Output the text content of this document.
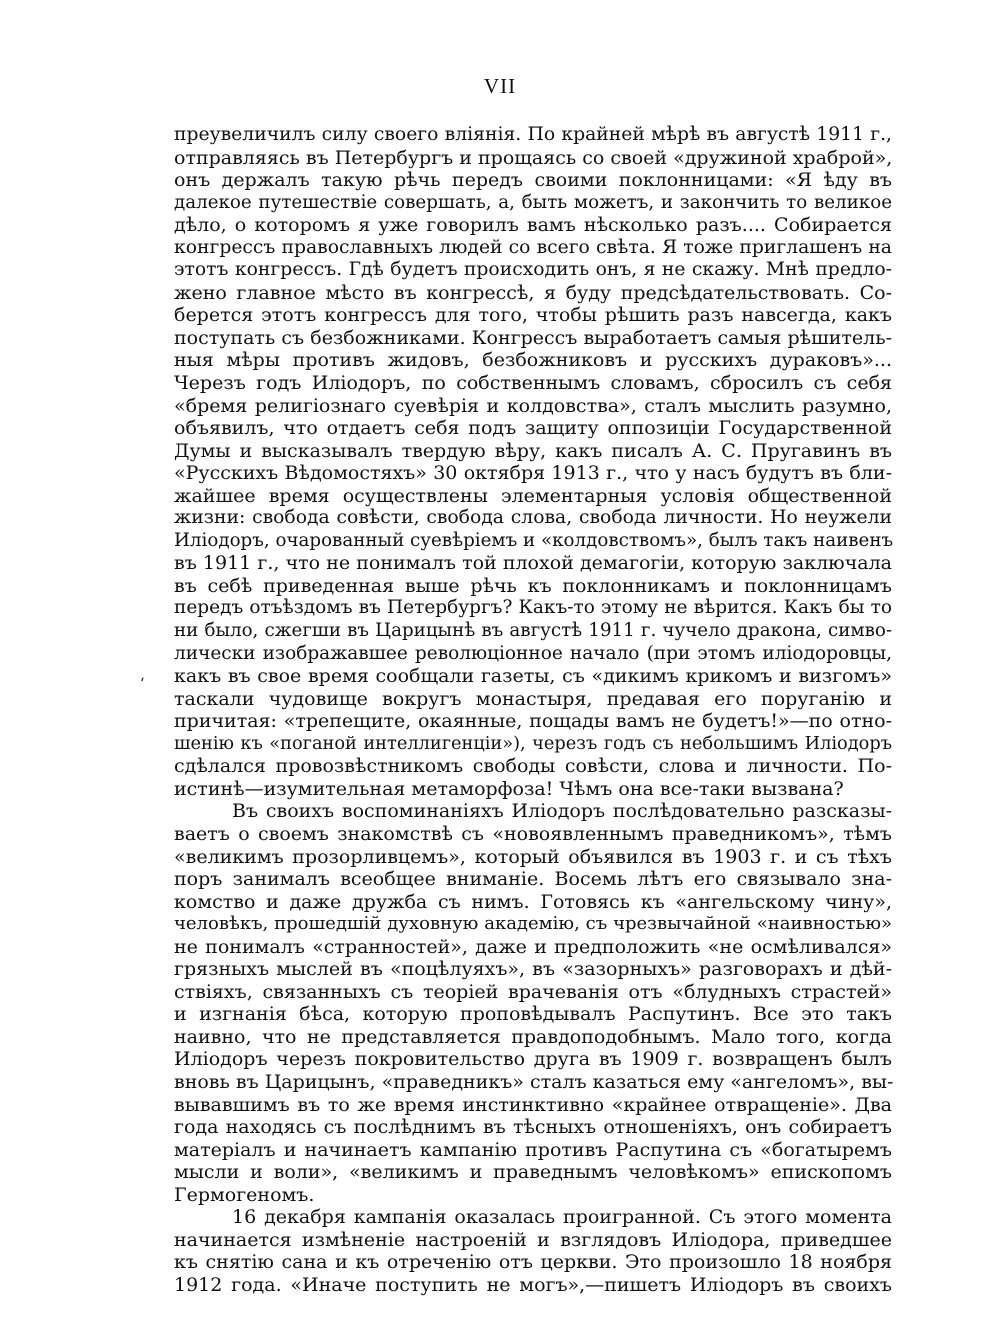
VII
‘
преувеличилъ силу своего вліянія. По крайней мѣрѣ въ августѣ 1911 г.,
отправляясь въ Петербургъ и прощаясь со своей «дружиной храброй»,
онъ держалъ такую рѣчь передъ своими поклонницами: «Я ѣду въ
далекое путешествіе совершать, а, быть можетъ, и закончить то великое
дѣло, о которомъ я уже говорилъ вамъ нѣсколько разъ.... Собирается
конгрессъ православныхъ людей со всего свѣта. Я тоже приглашенъ на
этотъ конгрессъ. Гдѣ будетъ происходить онъ, я не скажу. Мнѣ предло-
жено главное мѣсто въ конгрессѣ, я буду предсѣдательствовать. Со-
берется этотъ конгрессъ для того, чтобы рѣшить разъ навсегда, какъ
поступать съ безбожниками. Конгрессъ выработаетъ самыя рѣшитель-
ныя мѣры противъ жидовъ, безбожниковъ и русскихъ дураковъ»...
Черезъ годъ Иліодоръ, по собственнымъ словамъ, сбросилъ съ себя
«бремя религіознаго суевѣрія и колдовства», сталъ мыслить разумно,
объявилъ, что отдаетъ себя подъ защиту оппозиціи Государственной
Думы и высказывалъ твердую вѣру, какъ писалъ А. С. Пругавинъ въ
«Русскихъ Вѣдомостяхъ» 30 октября 1913 г., что у насъ будутъ въ бли-
жайшее время осуществлены элементарныя условія общественной
жизни: свобода совѣсти, свобода слова, свобода личности. Но неужели
Иліодоръ, очарованный суевѣріемъ и «колдовствомъ», былъ такъ наивенъ
въ 1911 г., что не понималъ той плохой демагогіи, которую заключала
въ себѣ приведенная выше рѣчь къ поклонникамъ и поклонницамъ
передъ отъѣздомъ въ Петербургъ? Какъ-то этому не вѣрится. Какъ бы то
ни было, сжегши въ Царицынѣ въ августѣ 1911 г. чучело дракона, симво-
лически изображавшее революціонное начало (при этомъ иліодоровцы,
какъ въ свое время сообщали газеты, съ «дикимъ крикомъ и визгомъ»
таскали чудовище вокругъ монастыря, предавая его поруганію и
причитая: «трепещите, окаянные, пощады вамъ не будетъ!»—по отно-
шенію къ «поганой интеллигенціи»), черезъ годъ съ небольшимъ Иліодоръ
сдѣлался провозвѣстникомъ свободы совѣсти, слова и личности. По-
истинѣ—изумительная метаморфоза! Чѣмъ она все-таки вызвана?
Въ своихъ воспоминаніяхъ Иліодоръ послѣдовательно разсказы-
ваетъ о своемъ знакомствѣ съ «новоявленнымъ праведникомъ», тѣмъ
«великимъ прозорливцемъ», который объявился въ 1903 г. и съ тѣхъ
поръ занималъ всеобщее вниманіе. Восемь лѣтъ его связывало зна-
комство и даже дружба съ нимъ. Готовясь къ «ангельскому чину»,
человѣкъ, прошедшій духовную академію, съ чрезвычайной «наивностью»
не понималъ «странностей», даже и предположить «не осмѣливался»
грязныхъ мыслей въ «поцѣлуяхъ», въ «зазорныхъ» разговорахъ и дѣй-
ствіяхъ, связанныхъ съ теоріей врачеванія отъ «блудныхъ страстей»
и изгнанія бѣса, которую проповѣдывалъ Распутинъ. Все это такъ
наивно, что не представляется правдоподобнымъ. Мало того, когда
Иліодоръ черезъ покровительство друга въ 1909 г. возвращенъ былъ
вновь въ Царицынъ, «праведникъ» сталъ казаться ему «ангеломъ», вы-
вывавшимъ въ то же время инстинктивно «крайнее отвращеніе». Два
года находясь съ послѣднимъ въ тѣсныхъ отношеніяхъ, онъ собираетъ
матеріалъ и начинаетъ кампанію противъ Распутина съ «богатыремъ
мысли и воли», «великимъ и праведнымъ человѣкомъ» епископомъ
Гермогеномъ.
16 декабря кампанія оказалась проигранной. Съ этого момента
начинается измѣненіе настроеній и взглядовъ Иліодора, приведшее
къ снятію сана и къ отреченію отъ церкви. Это произошло 18 ноября
1912 года. «Иначе поступить не могъ»,—пишетъ Иліодоръ въ своихъ
